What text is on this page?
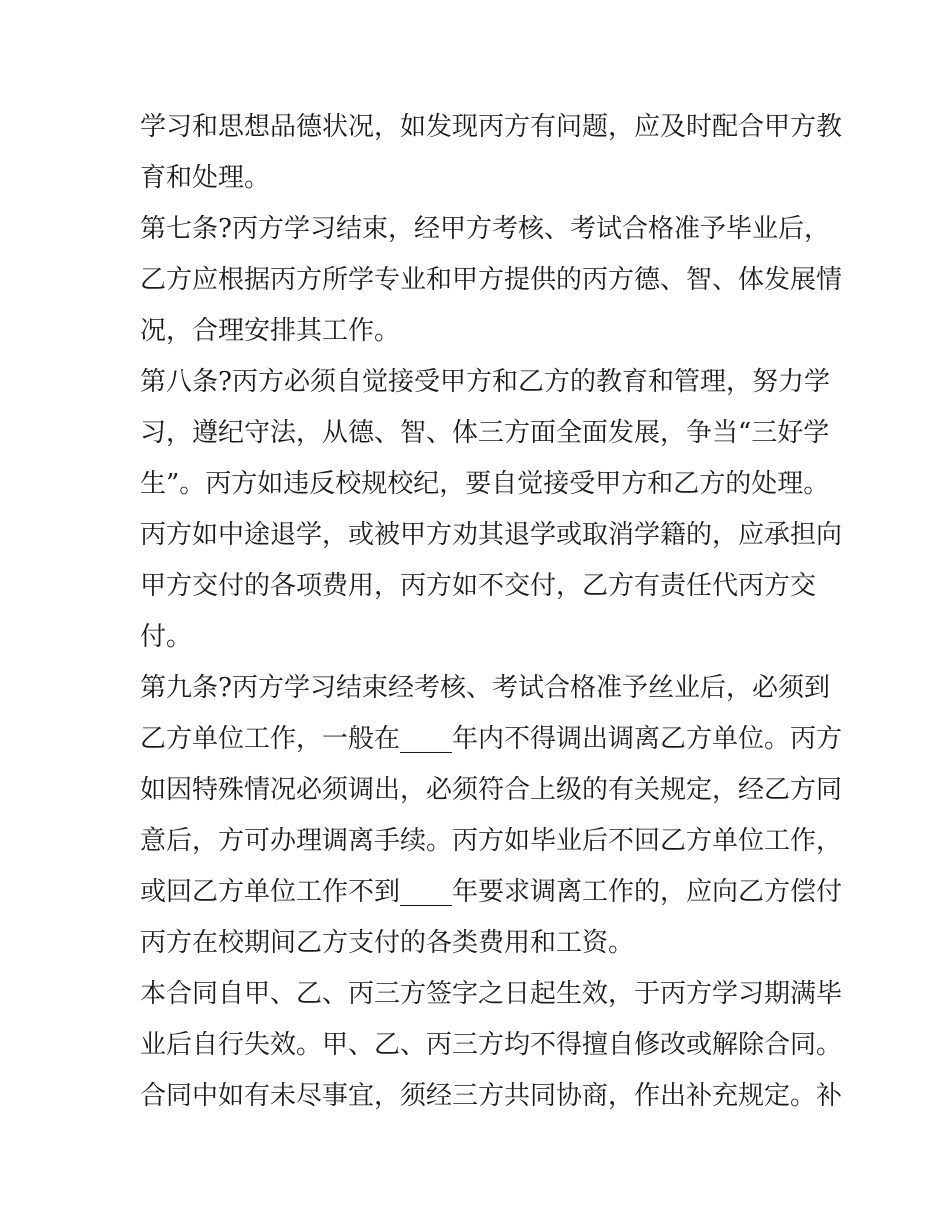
学习和思想品德状况，如发现丙方有问题，应及时配合甲方教
育和处理。
第七条?丙方学习结束，经甲方考核、考试合格准予毕业后，
乙方应根据丙方所学专业和甲方提供的丙方德、智、体发展情
况，合理安排其工作。
第八条?丙方必须自觉接受甲方和乙方的教育和管理，努力学
习，遵纪守法，从德、智、体三方面全面发展，争当“三好学
生”。丙方如违反校规校纪，要自觉接受甲方和乙方的处理。
丙方如中途退学，或被甲方劝其退学或取消学籍的，应承担向
甲方交付的各项费用，丙方如不交付，乙方有责任代丙方交
付。
第九条?丙方学习结束经考核、考试合格准予丝业后，必须到
乙方单位工作，一般在____年内不得调出调离乙方单位。丙方
如因特殊情况必须调出，必须符合上级的有关规定，经乙方同
意后，方可办理调离手续。丙方如毕业后不回乙方单位工作，
或回乙方单位工作不到____年要求调离工作的，应向乙方偿付
丙方在校期间乙方支付的各类费用和工资。
本合同自甲、乙、丙三方签字之日起生效，于丙方学习期满毕
业后自行失效。甲、乙、丙三方均不得擅自修改或解除合同。
合同中如有未尽事宜，须经三方共同协商，作出补充规定。补
